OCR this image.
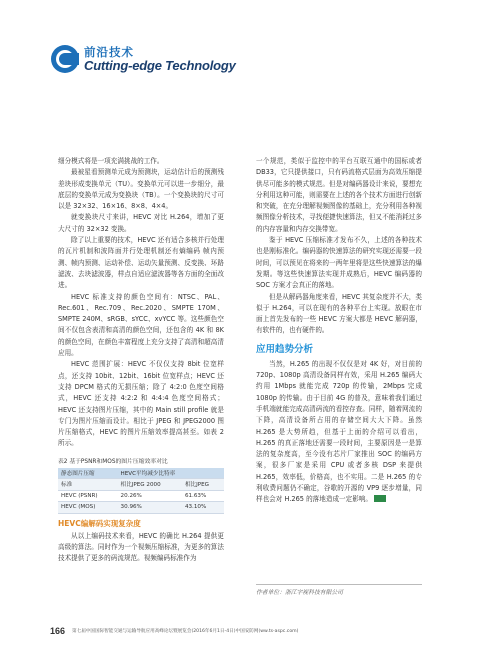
前沿技术
Cutting-edge Technology

细分模式将是一项充满挑战的工作。

最被星看预测单元成为预测块，运动估计后的预测残差块形成变换单元（TU）。变换单元可以进一步细分，最底层的变换单元成为变换块（TB）。一个变换块的尺寸可以是 32×32、16×16、8×8、4×4。

就变换块尺寸来讲，HEVC 对比 H.264，增加了更大尺寸的 32×32 变换。

除了以上重要的技术，HEVC 还有适合多核并行处理的瓦片机制和波阵面并行处理机制还有熵编码 帧内预测、帧内预测、运动补偿、运动矢量预测、反变换、环路滤波、去块滤波器，样点自适应滤波器等各方面的全面改进。

HEVC 标准支持的颜色空间有：NTSC、PAL、Rec.601、Rec.709、Rec.2020、SMPTE 170M、SMPTE 240M、sRGB、sYCC、xvYCC 等。这些颜色空间不仅包含表清和高清的颜色空间，还包含的 4K 和 8K 的颜色空间，在颜色丰富程度上充分支持了高清和超高清应用。

HEVC 范围扩展：HEVC 不仅仅支持 8bit 位宽样点，还支持 10bit、12bit、16bit 位宽样点；HEVC 还支持 DPCM 格式的无损压缩；除了 4:2:0 色度空间格式，HEVC 还支持 4:2:2 和 4:4:4 色度空间格式；HEVC 还支持图片压缩，其中的 Main still profile 就是专门为图片压缩而设计。相比于 JPEG 和 JPEG2000 图片压缩格式，HEVC 的图片压缩效率提高甚至。如表 2 所示。

表2 基于PSNR和MOS的图片压缩效率对比
静态图片压缩	HEVC平均减少比特率	
标准	相比JPEG 2000	相比JPEG
HEVC (PSNR)	20.26%	61.63%
HEVC (MOS)	30.96%	43.10%
HEVC编解码实现复杂度

从以上编码技术来看，HEVC 的确比 H.264 提供更高级的算法。同时作为一个视频压缩标准，为更多的算法技术提供了更多的码流规范。视频编码标准作为

一个规范，类似于监控中的平台互联互通中的国标或者 DB33，它只提供接口，只有码流格式层面为高效压缩提供尽可能多的模式规范。但是对编码器设计来说，要想充分利用这种可能，则需要在上述的各个技术方面进行创新和突破，在充分理解视频图像的基础上，充分利用各种视频图像分析技术，寻找便捷快速算法，但又不能消耗过多的内存容量和内存交换带宽。

鉴于 HEVC 压缩标准才发布不久，上述的各种技术也是刚标准化。编码器的快速算法的研究实现还需要一段时间，可以预见在将来的一两年里将是这些快速算法的爆发期。等这些快速算法实现并成熟后，HEVC 编码器的 SOC 方案才会真正的落地。

但是从解码器角度来看，HEVC 其复杂度并不大，类似于 H.264，可以在现有的各种平台上实现。放眼在市面上首先发布的一些 HEVC 方案大都是 HEVC 解码器，有软件的，也有硬件的。

应用趋势分析

当然，H.265 的出现不仅仅是对 4K 好，对目前的 720p、1080p 高清设备同样有效，采用 H.265 编码大约用 1Mbps 就能完成 720p 的传输，2Mbps 完成 1080p 的传输。由于目前 4G 的普及，意味着我们通过手机端就能完成高清码流的看控存查。同样，随着网流的下降，高清设备所占用的存储空间大大下降。虽然 H.265 是大势所趋，但基于上面的介绍可以看出，H.265 的真正落地还需要一段时间，主要原因是一是算法的复杂度高，至今没有芯片厂家推出 SOC 的编码方案，很多厂家是采用 CPU 或者多核 DSP 来提供 H.265，效率低，价格高，也不实用。二是 H.265 的专利收费问题仍不确定，谷歌的开源的 VP9 逐步增量，同样也会对 H.265 的落地造成一定影响。

作者单位：浙江宇视科技有限公司
166 第七届中国国际智能交通与运输导航应用高峰论坛暨展览会(2016年6月1日-4日)中国安防网(ww.ts-aspc.com)
